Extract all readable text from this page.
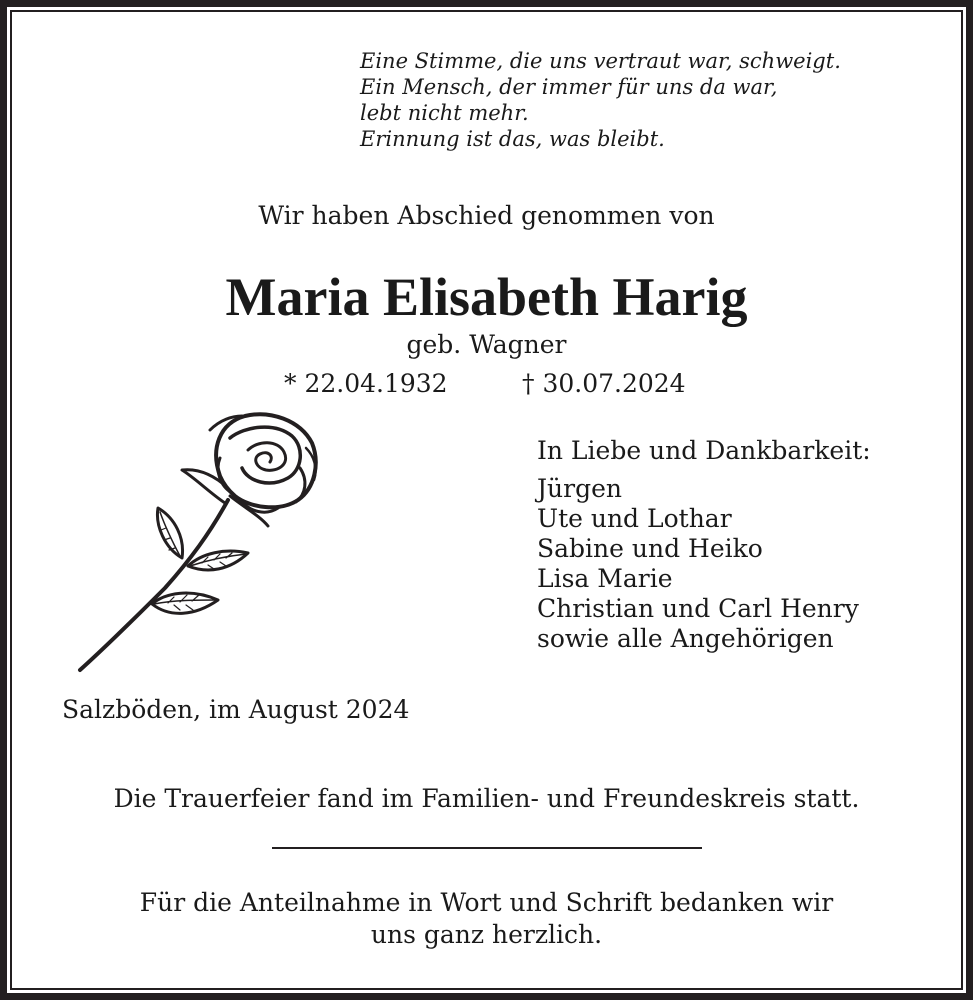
Eine Stimme, die uns vertraut war, schweigt.
Ein Mensch, der immer für uns da war,
lebt nicht mehr.
Erinnung ist das, was bleibt.
Wir haben Abschied genommen von
Maria Elisabeth Harig
geb. Wagner
* 22.04.1932	† 30.07.2024
In Liebe und Dankbarkeit:
Jürgen
Ute und Lothar
Sabine und Heiko
Lisa Marie
Christian und Carl Henry
sowie alle Angehörigen
Salzböden, im August 2024
Die Trauerfeier fand im Familien- und Freundeskreis statt.
Für die Anteilnahme in Wort und Schrift bedanken wir
uns ganz herzlich.
